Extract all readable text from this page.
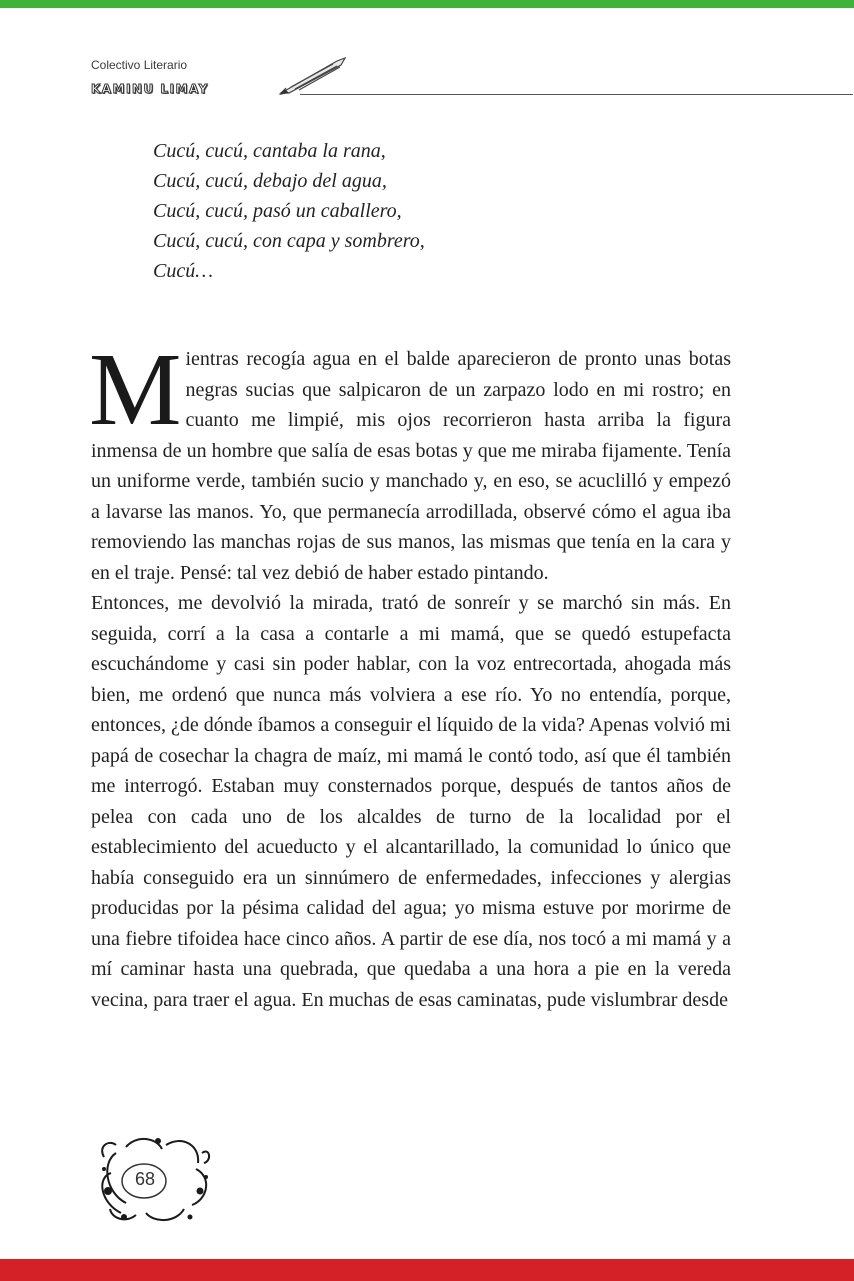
Colectivo Literario
KAMINU LIMAY
Cucú, cucú, cantaba la rana,
Cucú, cucú, debajo del agua,
Cucú, cucú, pasó un caballero,
Cucú, cucú, con capa y sombrero,
Cucú…

Mientras recogía agua en el balde aparecieron de pronto unas botas negras sucias que salpicaron de un zarpazo lodo en mi rostro; en cuanto me limpié, mis ojos recorrieron hasta arriba la figura inmensa de un hombre que salía de esas botas y que me miraba fijamente. Tenía un uniforme verde, también sucio y manchado y, en eso, se acuclilló y empezó a lavarse las manos. Yo, que permanecía arrodillada, observé cómo el agua iba removiendo las manchas rojas de sus manos, las mismas que tenía en la cara y en el traje. Pensé: tal vez debió de haber estado pintando.

Entonces, me devolvió la mirada, trató de sonreír y se marchó sin más. En seguida, corrí a la casa a contarle a mi mamá, que se quedó estupefacta escuchándome y casi sin poder hablar, con la voz entrecortada, ahogada más bien, me ordenó que nunca más volviera a ese río. Yo no entendía, porque, entonces, ¿de dónde íbamos a conseguir el líquido de la vida? Apenas volvió mi papá de cosechar la chagra de maíz, mi mamá le contó todo, así que él también me interrogó. Estaban muy consternados porque, después de tantos años de pelea con cada uno de los alcaldes de turno de la localidad por el establecimiento del acueducto y el alcantarillado, la comunidad lo único que había conseguido era un sinnúmero de enfermedades, infecciones y alergias producidas por la pésima calidad del agua; yo misma estuve por morirme de una fiebre tifoidea hace cinco años. A partir de ese día, nos tocó a mi mamá y a mí caminar hasta una quebrada, que quedaba a una hora a pie en la vereda vecina, para traer el agua. En muchas de esas caminatas, pude vislumbrar desde

68
